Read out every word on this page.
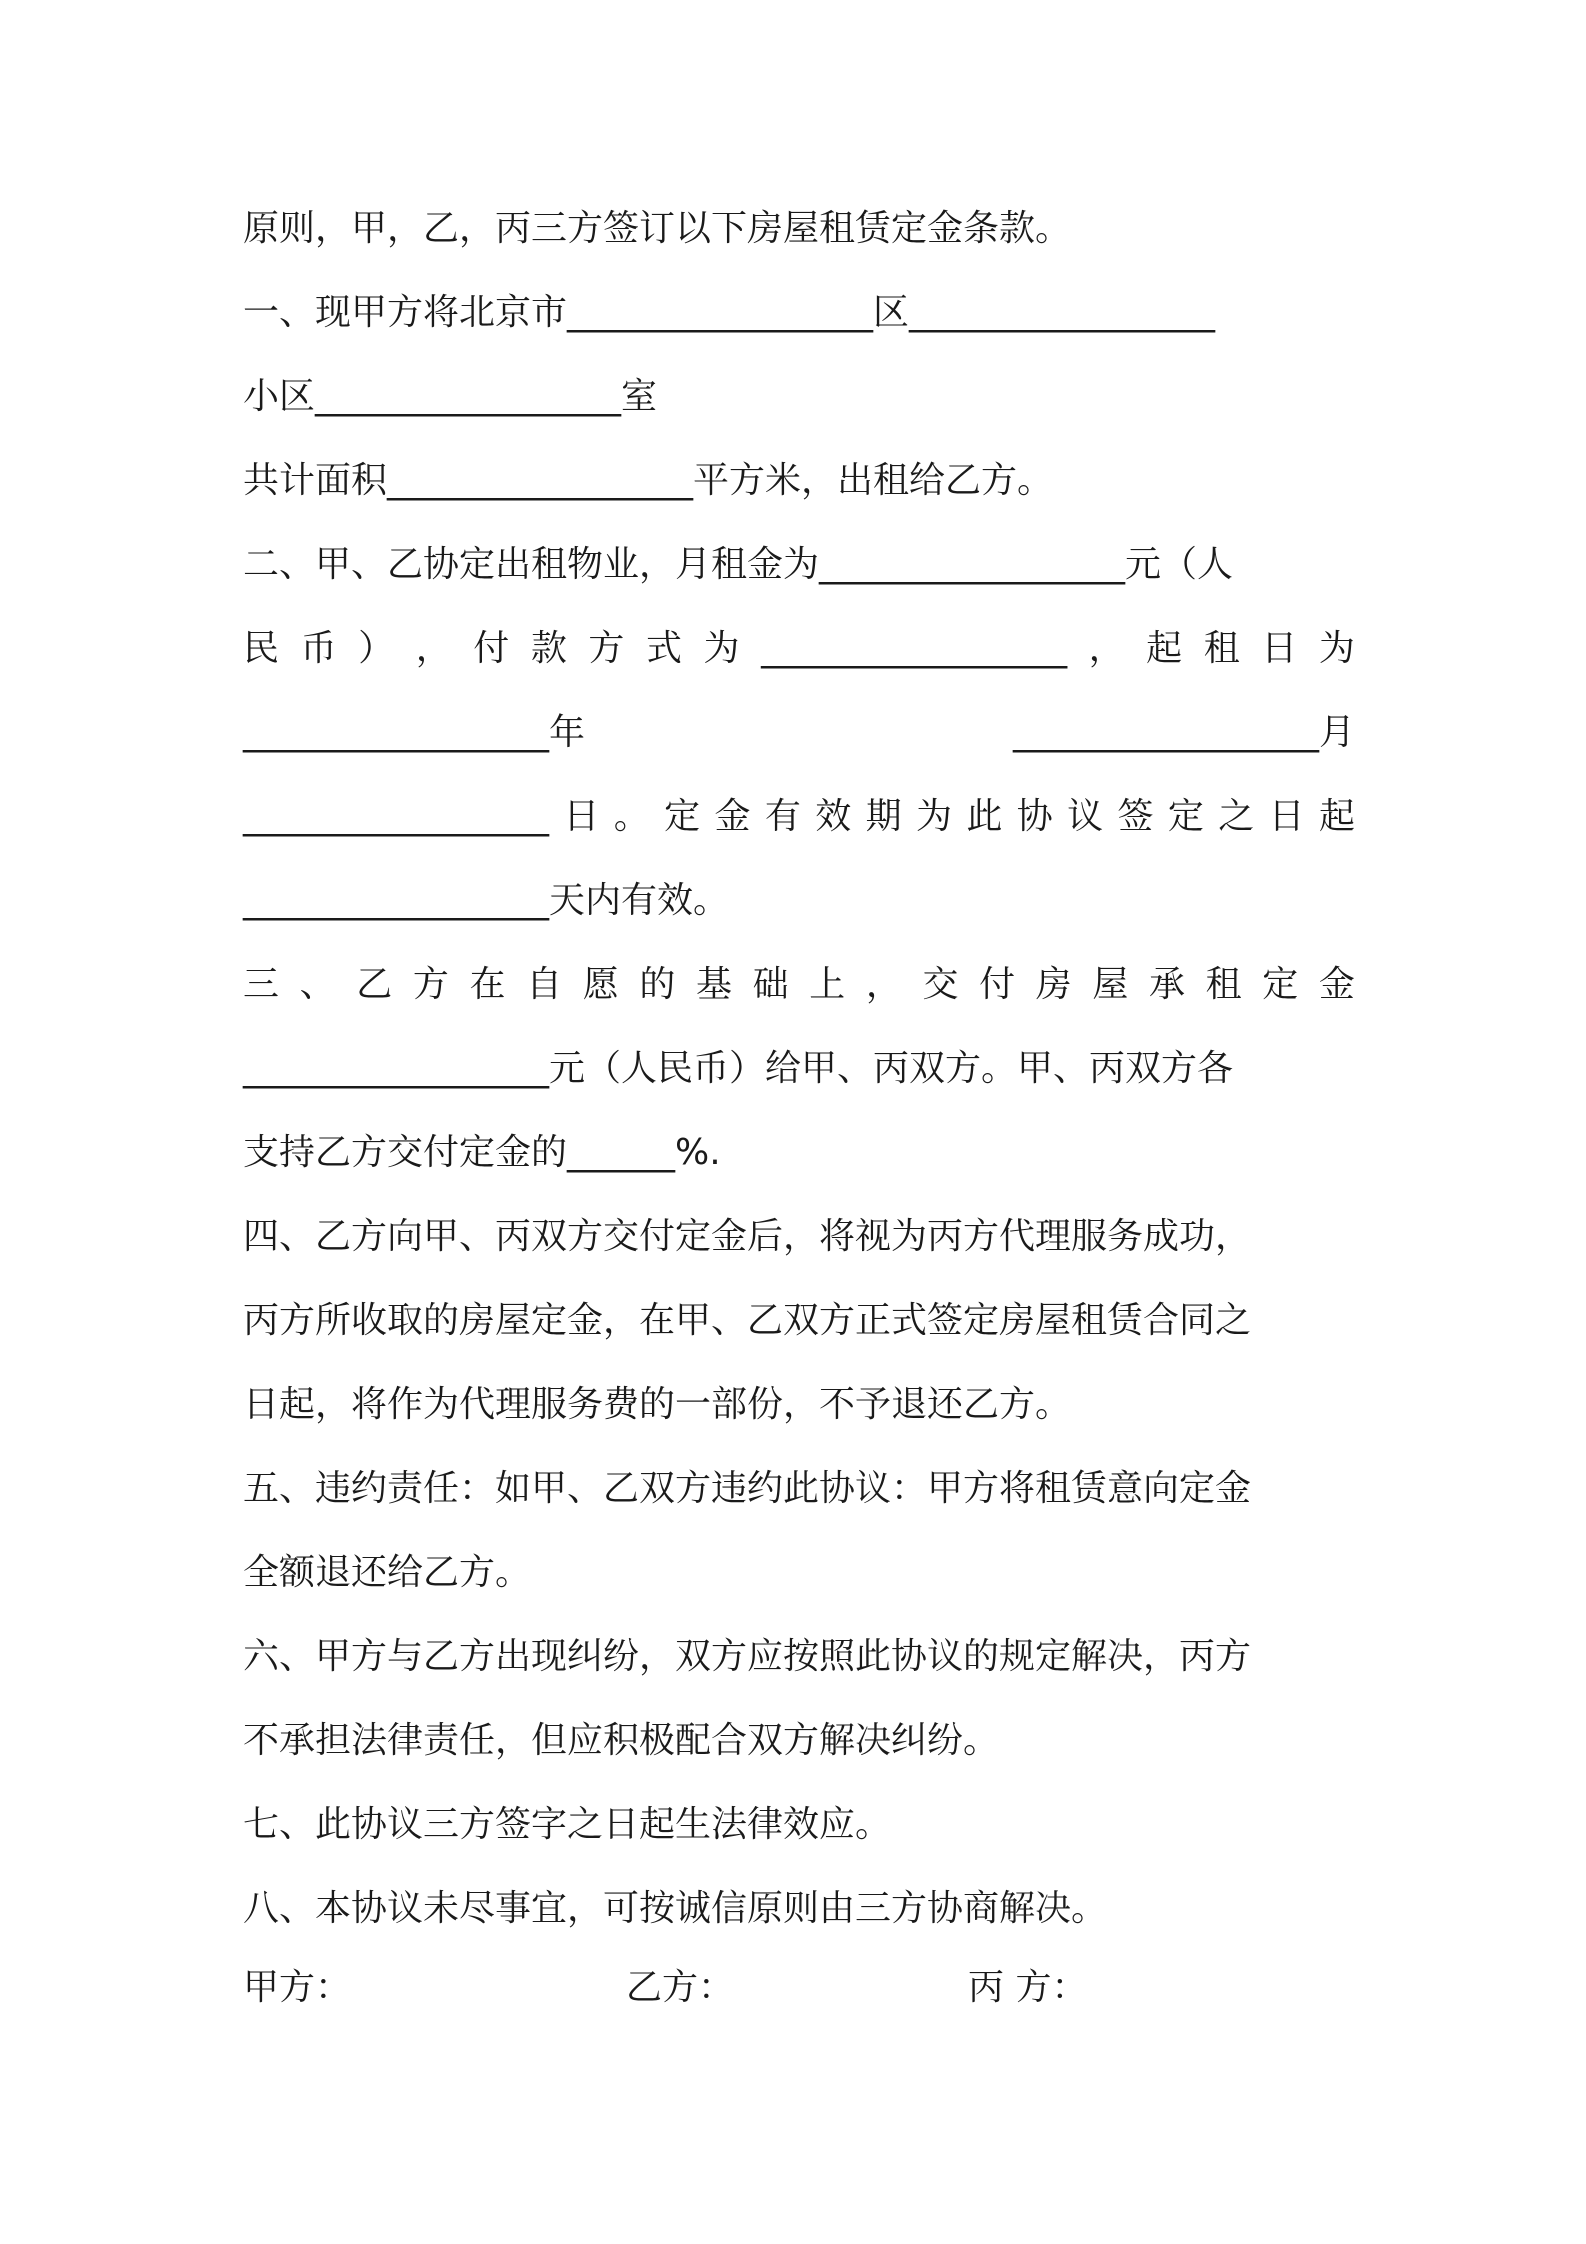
原则，甲，乙，丙三方签订以下房屋租赁定金条款。
一、现甲方将北京市_________________区_________________
小区_________________室
共计面积_________________平方米，出租给乙方。
二、甲、乙协定出租物业，月租金为_________________元（人
民 币 ） ， 付 款 方 式 为 _________________ ， 起 租 日 为
_________________年	_________________月
_________________ 日 。 定 金 有 效 期 为 此 协 议 签 定 之 日 起
_________________天内有效。
三 、 乙 方 在 自 愿 的 基 础 上 ， 交 付 房 屋 承 租 定 金
_________________元（人民币）给甲、丙双方。甲、丙双方各
支持乙方交付定金的______%.
四、乙方向甲、丙双方交付定金后，将视为丙方代理服务成功，
丙方所收取的房屋定金，在甲、乙双方正式签定房屋租赁合同之
日起，将作为代理服务费的一部份，不予退还乙方。
五、违约责任：如甲、乙双方违约此协议：甲方将租赁意向定金
全额退还给乙方。
六、甲方与乙方出现纠纷，双方应按照此协议的规定解决，丙方
不承担法律责任，但应积极配合双方解决纠纷。
七、此协议三方签字之日起生法律效应。
八、本协议未尽事宜，可按诚信原则由三方协商解决。
甲方：	乙方：	丙 方：
